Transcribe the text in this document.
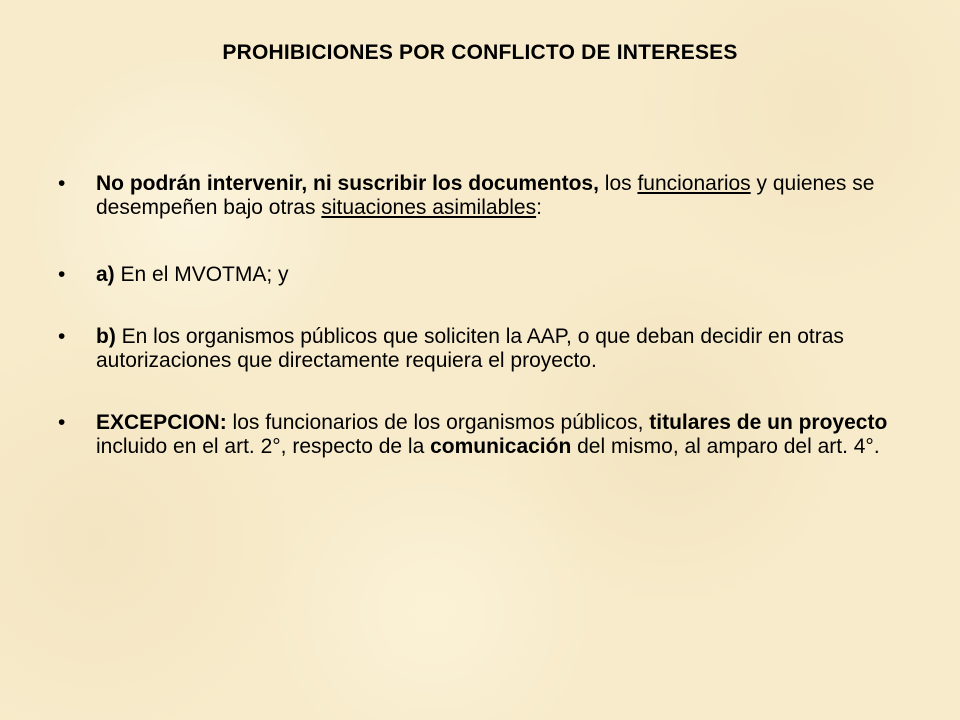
PROHIBICIONES POR CONFLICTO DE INTERESES
•	No podrán intervenir, ni suscribir los documentos, los funcionarios y quienes se desempeñen bajo otras situaciones asimilables:
•	a) En el MVOTMA; y
•	b) En los organismos públicos que soliciten la AAP, o que deban decidir en otras autorizaciones que directamente requiera el proyecto.
•	EXCEPCION: los funcionarios de los organismos públicos, titulares de un proyecto incluido en el art. 2°, respecto de la comunicación del mismo, al amparo del art. 4°.
